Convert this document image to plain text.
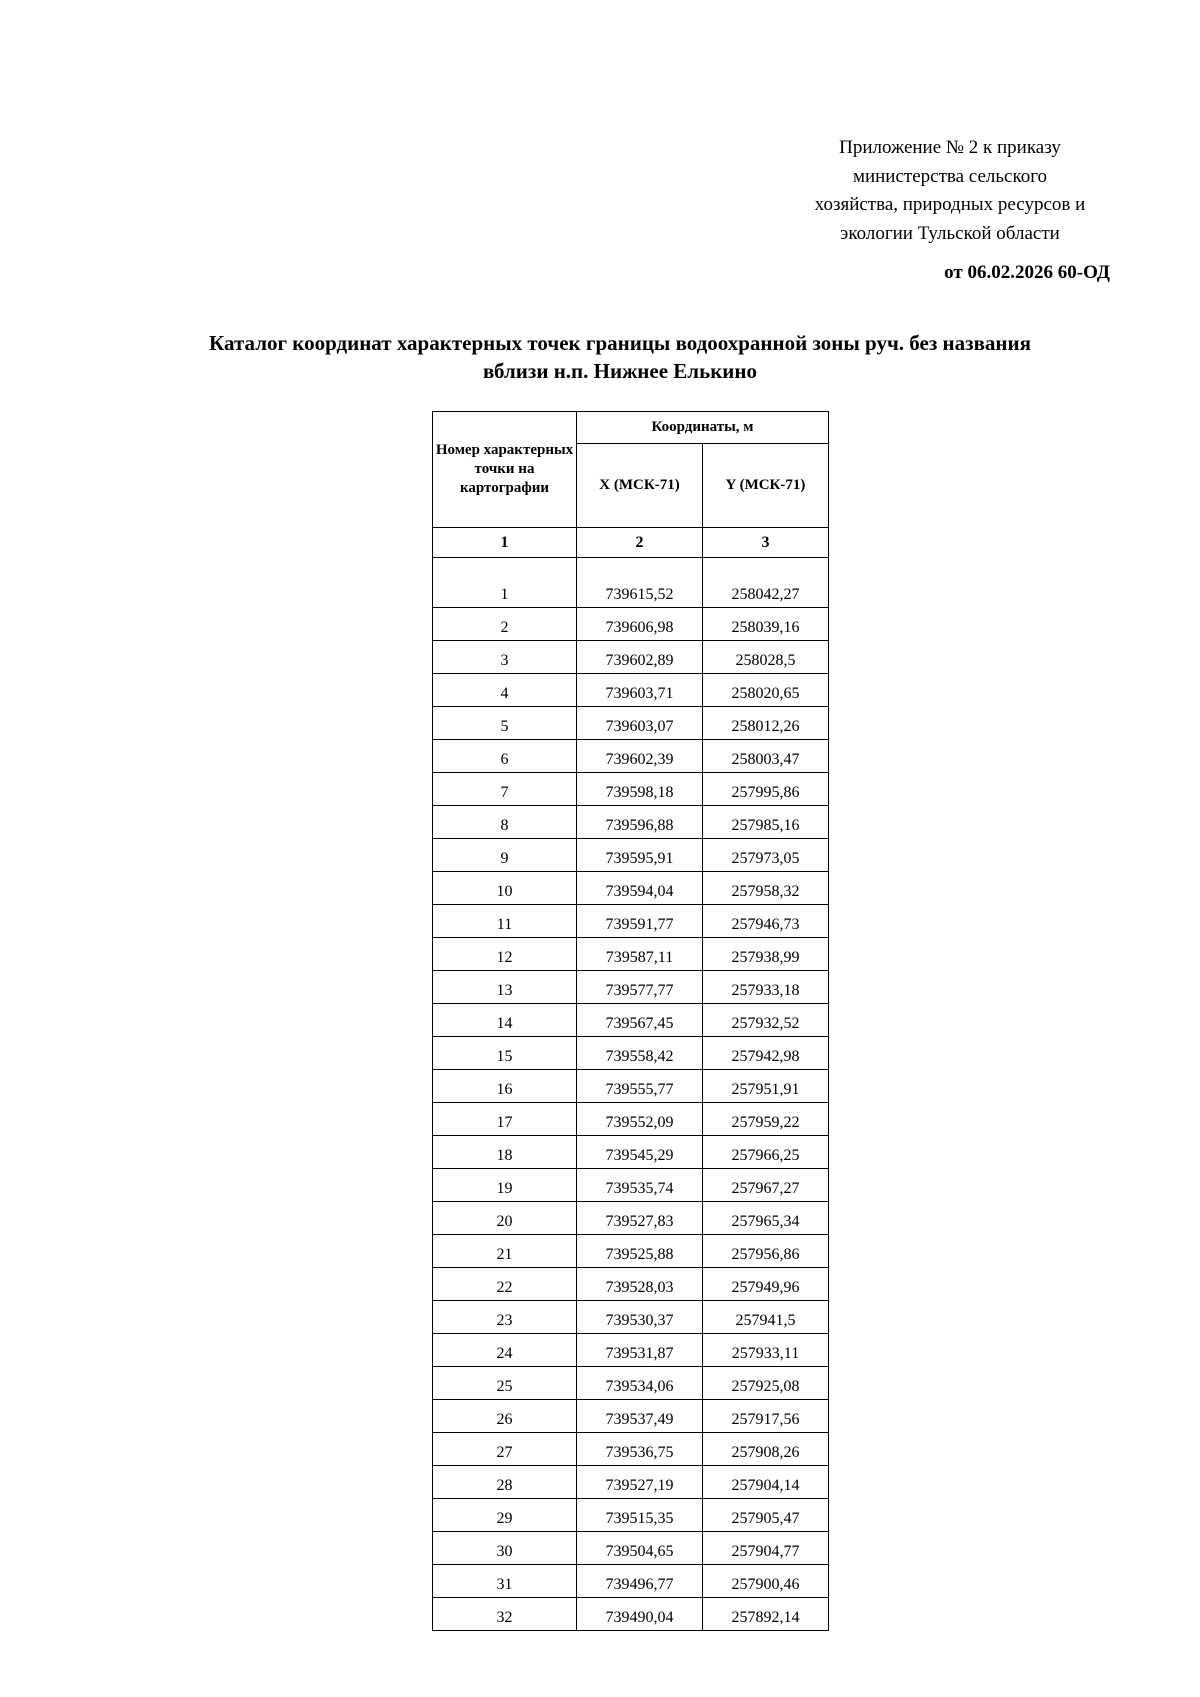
Приложение № 2 к приказу
министерства сельского
хозяйства, природных ресурсов и
экологии Тульской области
от 06.02.2026 60-ОД
Каталог координат характерных точек границы водоохранной зоны руч. без названия
вблизи н.п. Нижнее Елькино
Номер характерных точки на картографии	Координаты, м	
	X (МСК-71)	Y (МСК-71)
1	2	3

1	739615,52	258042,27
2	739606,98	258039,16
3	739602,89	258028,5
4	739603,71	258020,65
5	739603,07	258012,26
6	739602,39	258003,47
7	739598,18	257995,86
8	739596,88	257985,16
9	739595,91	257973,05
10	739594,04	257958,32
11	739591,77	257946,73
12	739587,11	257938,99
13	739577,77	257933,18
14	739567,45	257932,52
15	739558,42	257942,98
16	739555,77	257951,91
17	739552,09	257959,22
18	739545,29	257966,25
19	739535,74	257967,27
20	739527,83	257965,34
21	739525,88	257956,86
22	739528,03	257949,96
23	739530,37	257941,5
24	739531,87	257933,11
25	739534,06	257925,08
26	739537,49	257917,56
27	739536,75	257908,26
28	739527,19	257904,14
29	739515,35	257905,47
30	739504,65	257904,77
31	739496,77	257900,46
32	739490,04	257892,14
